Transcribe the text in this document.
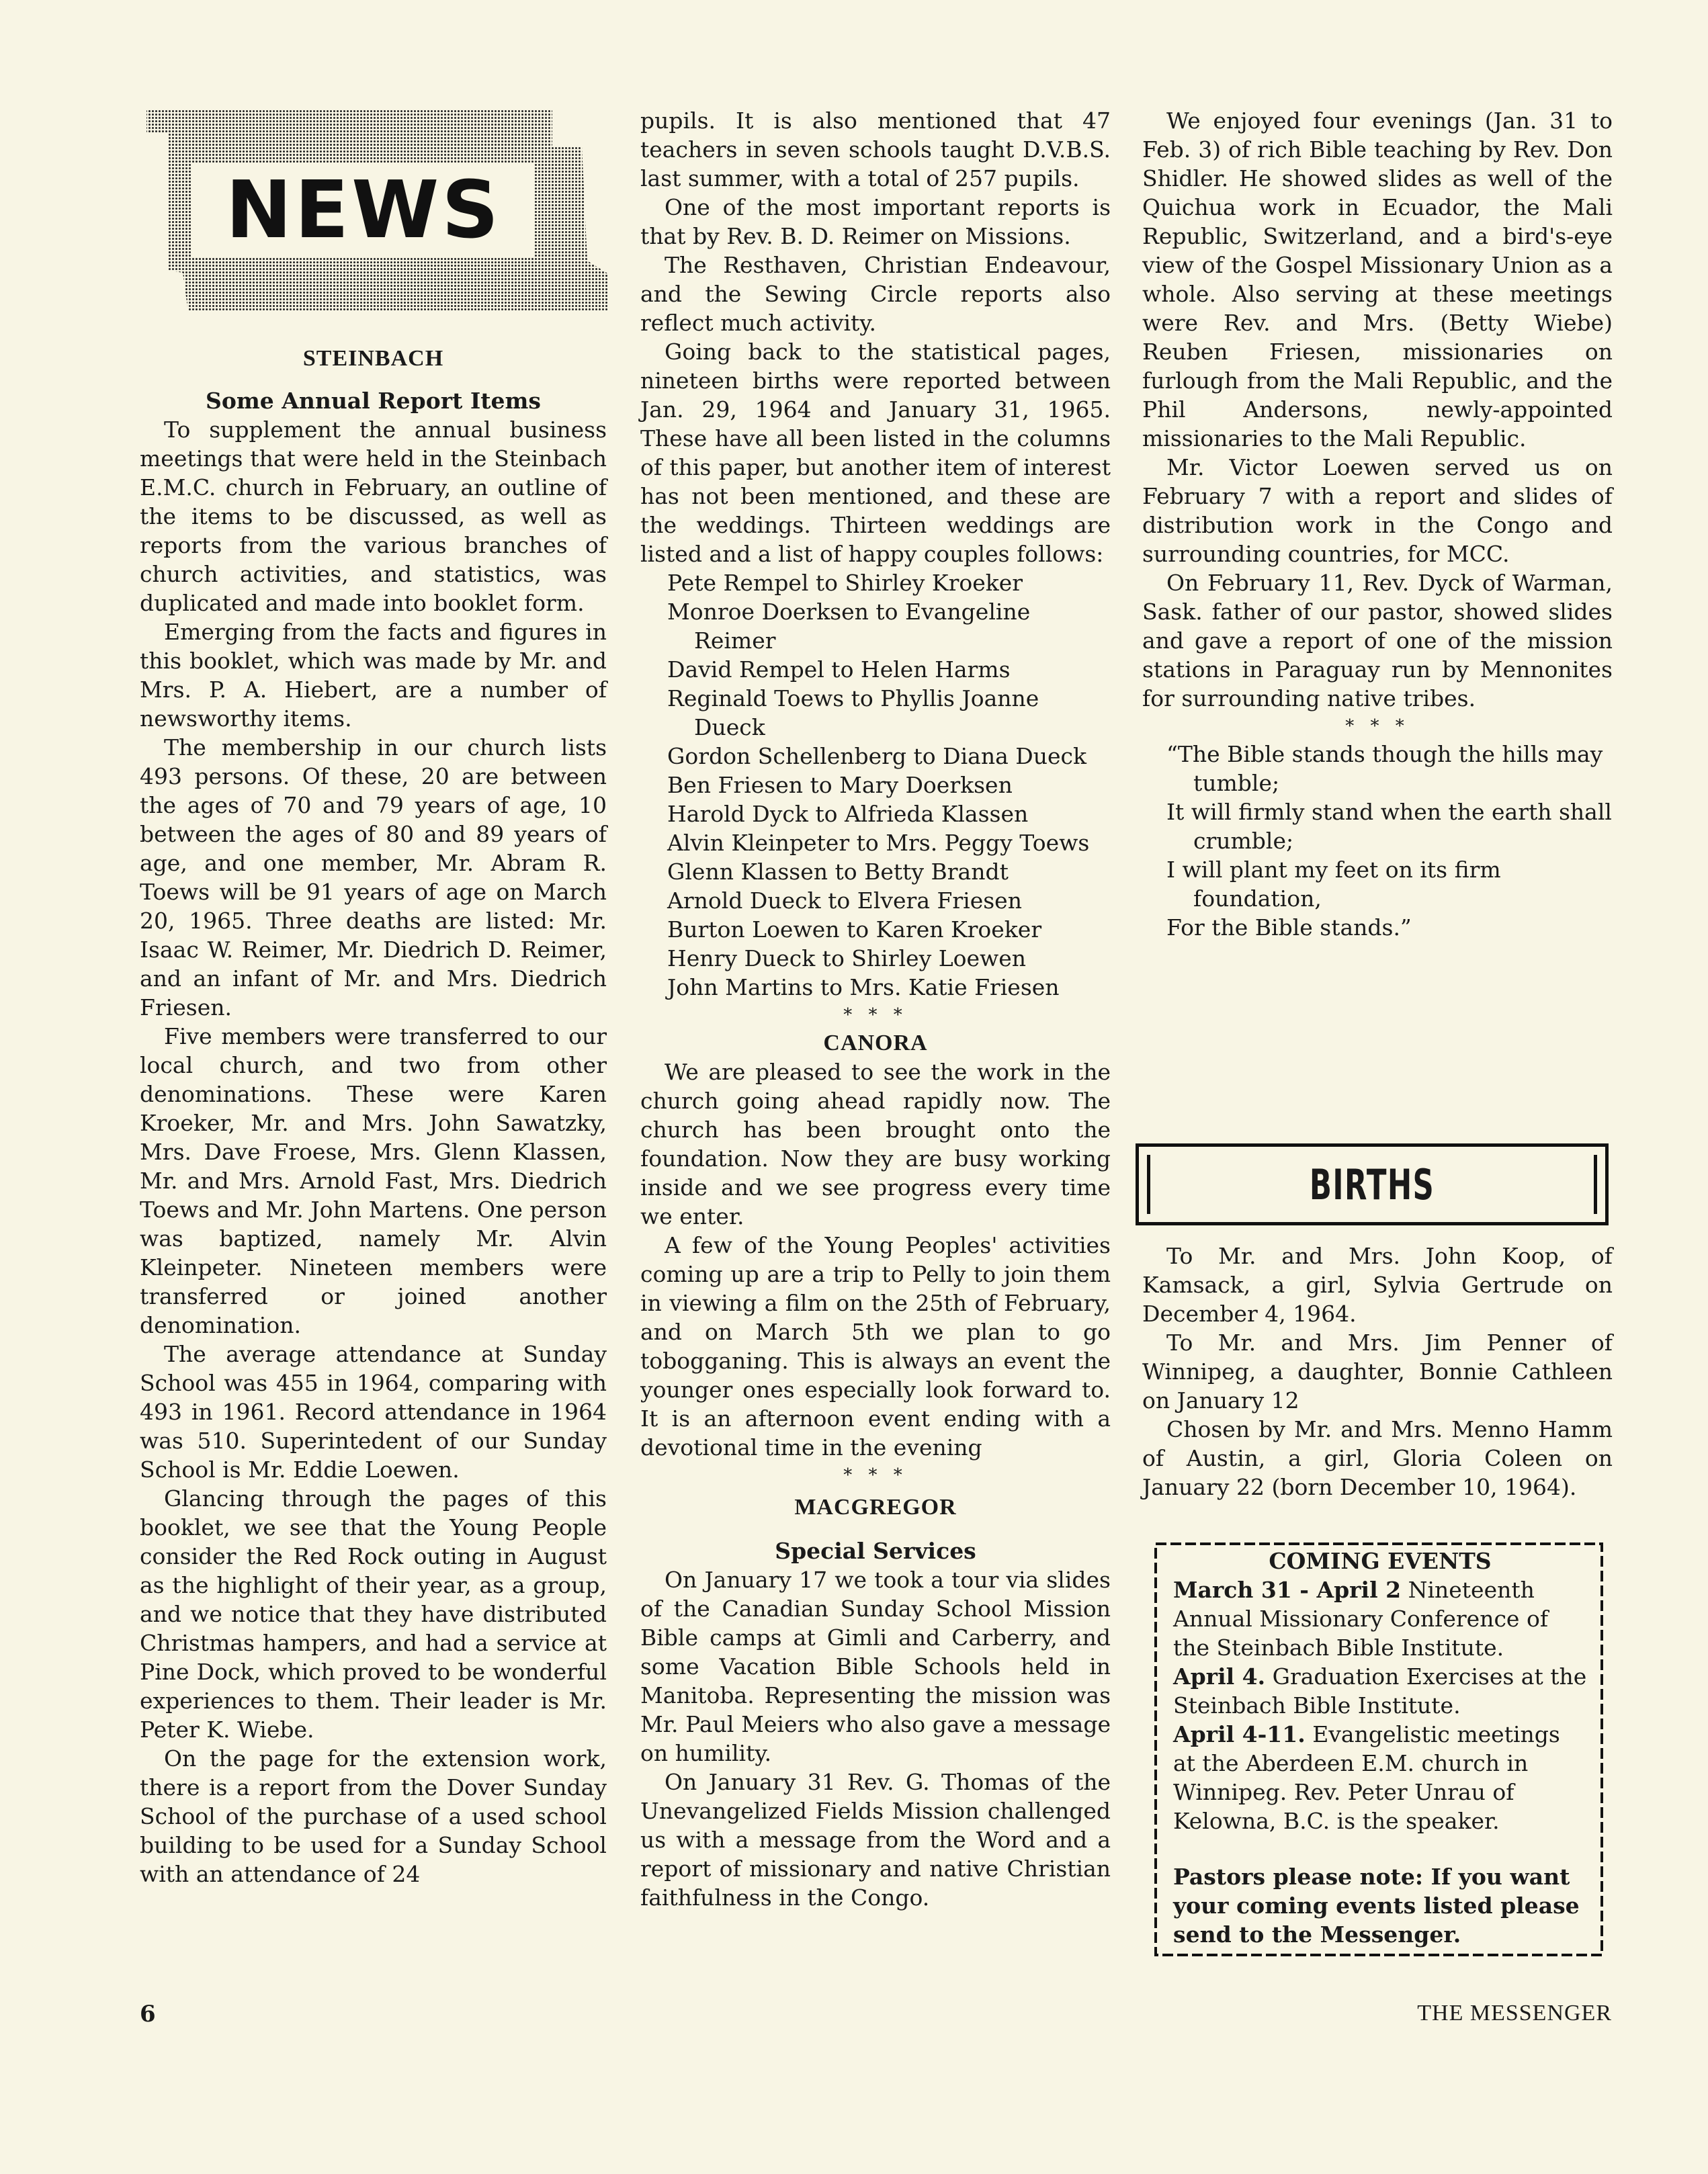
NEWS

STEINBACH

Some Annual Report Items

To supplement the annual business meetings that were held in the Steinbach E.M.C. church in February, an outline of the items to be discussed, as well as reports from the various branches of church activities, and statistics, was duplicated and made into booklet form.

Emerging from the facts and figures in this booklet, which was made by Mr. and Mrs. P. A. Hiebert, are a number of newsworthy items.

The membership in our church lists 493 persons. Of these, 20 are between the ages of 70 and 79 years of age, 10 between the ages of 80 and 89 years of age, and one member, Mr. Abram R. Toews will be 91 years of age on March 20, 1965. Three deaths are listed: Mr. Isaac W. Reimer, Mr. Diedrich D. Reimer, and an infant of Mr. and Mrs. Diedrich Friesen.

Five members were transferred to our local church, and two from other denominations. These were Karen Kroeker, Mr. and Mrs. John Sawatzky, Mrs. Dave Froese, Mrs. Glenn Klassen, Mr. and Mrs. Arnold Fast, Mrs. Diedrich Toews and Mr. John Martens. One person was baptized, namely Mr. Alvin Kleinpeter. Nineteen members were transferred or joined another denomination.

The average attendance at Sunday School was 455 in 1964, comparing with 493 in 1961. Record attendance in 1964 was 510. Superintedent of our Sunday School is Mr. Eddie Loewen.

Glancing through the pages of this booklet, we see that the Young People consider the Red Rock outing in August as the highlight of their year, as a group, and we notice that they have distributed Christmas hampers, and had a service at Pine Dock, which proved to be wonderful experiences to them. Their leader is Mr. Peter K. Wiebe.

On the page for the extension work, there is a report from the Dover Sunday School of the purchase of a used school building to be used for a Sunday School with an attendance of 24

pupils. It is also mentioned that 47 teachers in seven schools taught D.V.B.S. last summer, with a total of 257 pupils.

One of the most important reports is that by Rev. B. D. Reimer on Missions.

The Resthaven, Christian Endeavour, and the Sewing Circle reports also reflect much activity.

Going back to the statistical pages, nineteen births were reported between Jan. 29, 1964 and January 31, 1965. These have all been listed in the columns of this paper, but another item of interest has not been mentioned, and these are the weddings. Thirteen weddings are listed and a list of happy couples follows:

Pete Rempel to Shirley Kroeker

Monroe Doerksen to Evangeline Reimer

David Rempel to Helen Harms

Reginald Toews to Phyllis Joanne Dueck

Gordon Schellenberg to Diana Dueck

Ben Friesen to Mary Doerksen

Harold Dyck to Alfrieda Klassen

Alvin Kleinpeter to Mrs. Peggy Toews

Glenn Klassen to Betty Brandt

Arnold Dueck to Elvera Friesen

Burton Loewen to Karen Kroeker

Henry Dueck to Shirley Loewen

John Martins to Mrs. Katie Friesen

* * *

CANORA

We are pleased to see the work in the church going ahead rapidly now. The church has been brought onto the foundation. Now they are busy working inside and we see progress every time we enter.

A few of the Young Peoples' activities coming up are a trip to Pelly to join them in viewing a film on the 25th of February, and on March 5th we plan to go tobogganing. This is always an event the younger ones especially look forward to. It is an afternoon event ending with a devotional time in the evening

* * *

MACGREGOR

Special Services

On January 17 we took a tour via slides of the Canadian Sunday School Mission Bible camps at Gimli and Carberry, and some Vacation Bible Schools held in Manitoba. Representing the mission was Mr. Paul Meiers who also gave a message on humility.

On January 31 Rev. G. Thomas of the Unevangelized Fields Mission challenged us with a message from the Word and a report of missionary and native Christian faithfulness in the Congo.

We enjoyed four evenings (Jan. 31 to Feb. 3) of rich Bible teaching by Rev. Don Shidler. He showed slides as well of the Quichua work in Ecuador, the Mali Republic, Switzerland, and a bird's-eye view of the Gospel Missionary Union as a whole. Also serving at these meetings were Rev. and Mrs. (Betty Wiebe) Reuben Friesen, missionaries on furlough from the Mali Republic, and the Phil Andersons, newly-appointed missionaries to the Mali Republic.

Mr. Victor Loewen served us on February 7 with a report and slides of distribution work in the Congo and surrounding countries, for MCC.

On February 11, Rev. Dyck of Warman, Sask. father of our pastor, showed slides and gave a report of one of the mission stations in Paraguay run by Mennonites for surrounding native tribes.

* * *

“The Bible stands though the hills may tumble;

It will firmly stand when the earth shall crumble;

I will plant my feet on its firm foundation,

For the Bible stands.”

BIRTHS

To Mr. and Mrs. John Koop, of Kamsack, a girl, Sylvia Gertrude on December 4, 1964.

To Mr. and Mrs. Jim Penner of Winnipeg, a daughter, Bonnie Cathleen on January 12

Chosen by Mr. and Mrs. Menno Hamm of Austin, a girl, Gloria Coleen on January 22 (born December 10, 1964).

COMING EVENTS

March 31 - April 2 Nineteenth Annual Missionary Conference of the Steinbach Bible Institute.

April 4. Graduation Exercises at the Steinbach Bible Institute.

April 4-11. Evangelistic meetings at the Aberdeen E.M. church in Winnipeg. Rev. Peter Unrau of Kelowna, B.C. is the speaker.

Pastors please note: If you want your coming events listed please send to the Messenger.

6	THE MESSENGER
